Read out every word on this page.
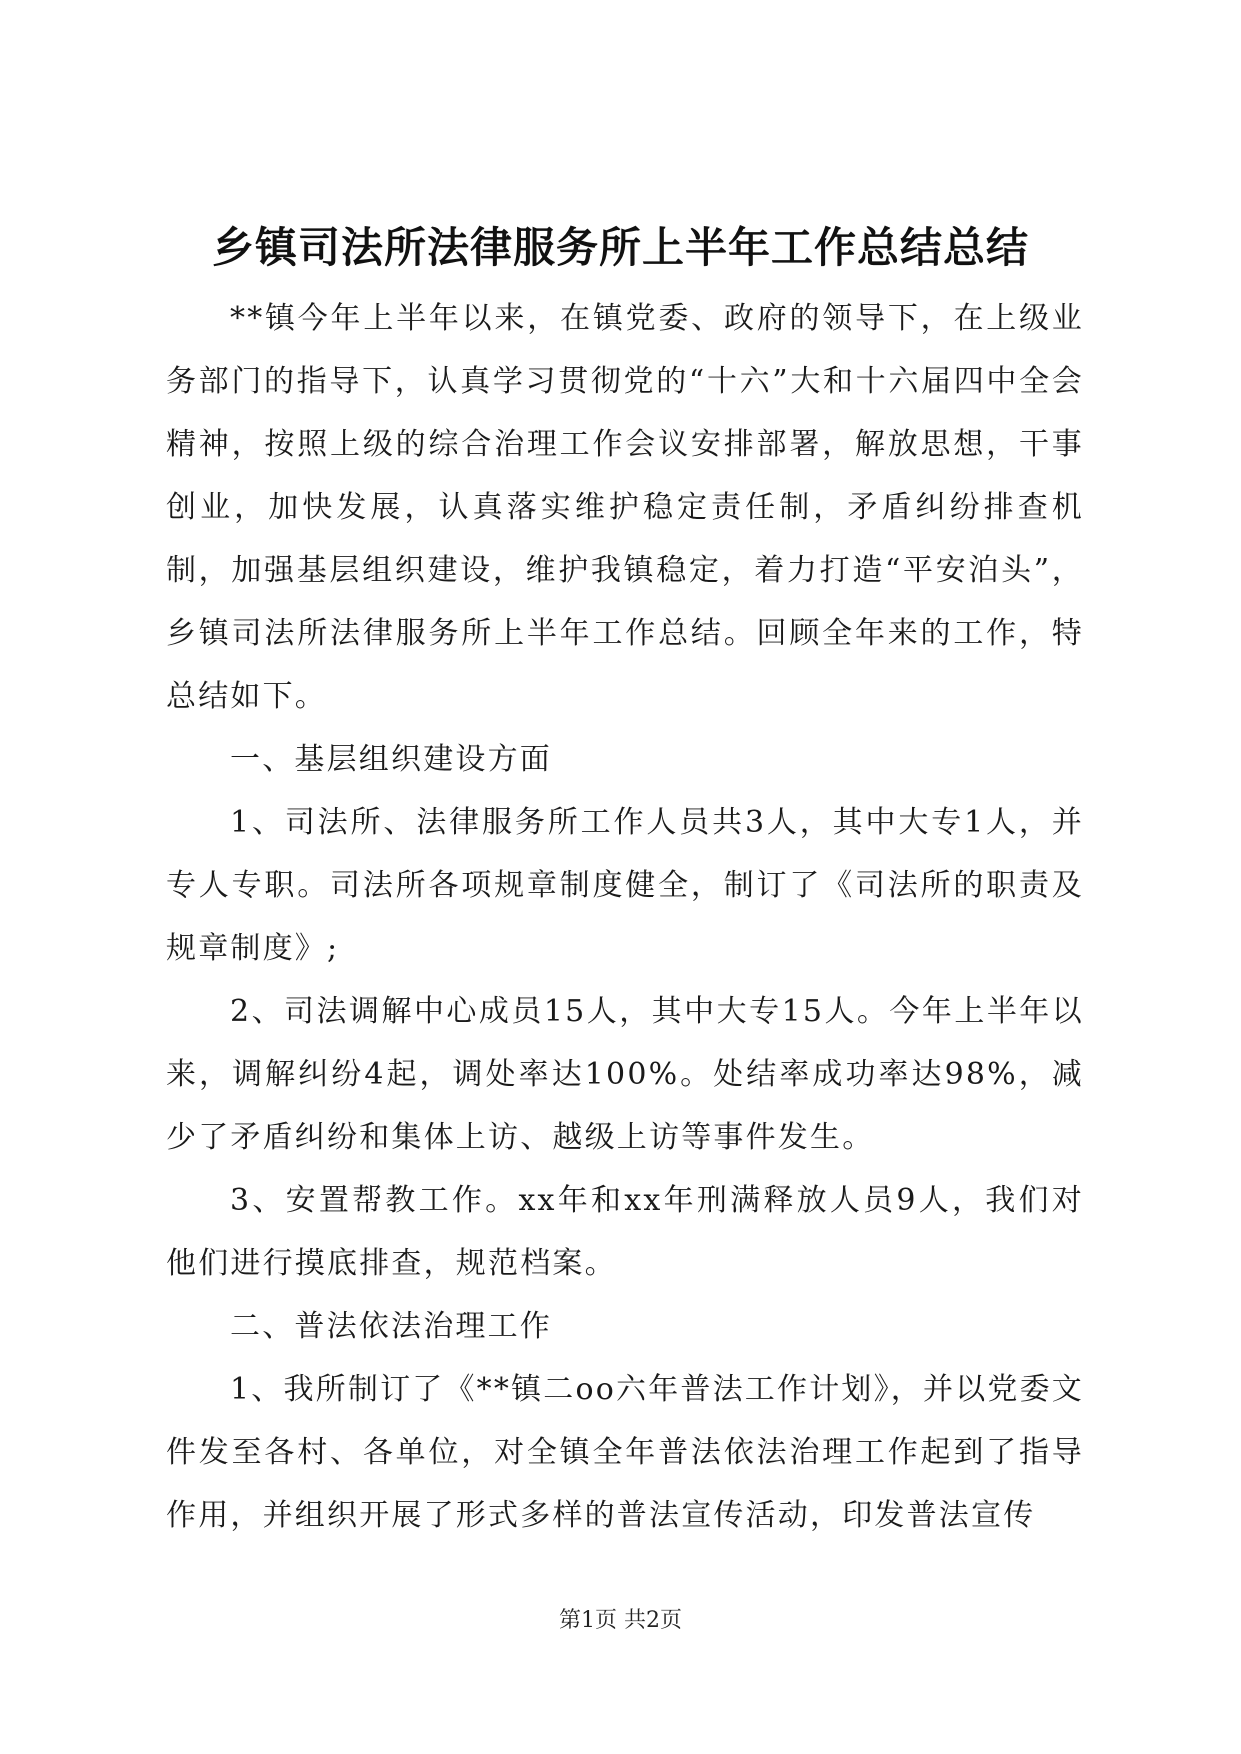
乡镇司法所法律服务所上半年工作总结总结

**镇今年上半年以来，在镇党委、政府的领导下，在上级业务部门的指导下，认真学习贯彻党的“十六”大和十六届四中全会精神，按照上级的综合治理工作会议安排部署，解放思想，干事创业，加快发展，认真落实维护稳定责任制，矛盾纠纷排查机制，加强基层组织建设，维护我镇稳定，着力打造“平安泊头”，乡镇司法所法律服务所上半年工作总结。回顾全年来的工作，特总结如下。

一、基层组织建设方面

1、司法所、法律服务所工作人员共3人，其中大专1人，并专人专职。司法所各项规章制度健全，制订了《司法所的职责及规章制度》;

2、司法调解中心成员15人，其中大专15人。今年上半年以来，调解纠纷4起，调处率达100%。处结率成功率达98%，减少了矛盾纠纷和集体上访、越级上访等事件发生。

3、安置帮教工作。xx年和xx年刑满释放人员9人，我们对他们进行摸底排查，规范档案。

二、普法依法治理工作

1、我所制订了《**镇二oo六年普法工作计划》，并以党委文件发至各村、各单位，对全镇全年普法依法治理工作起到了指导作用，并组织开展了形式多样的普法宣传活动，印发普法宣传

第1页 共2页
